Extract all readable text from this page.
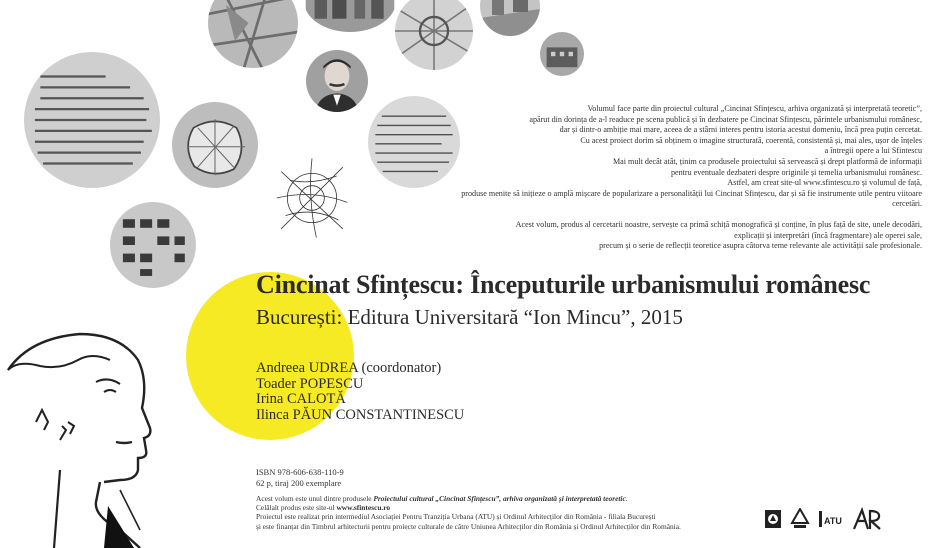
Volumul face parte din proiectul cultural „Cincinat Sfințescu, arhiva organizată și interpretată teoretic”,

apărut din dorința de a-l readuce pe scena publică și în dezbatere pe Cincinat Sfințescu, părintele urbanismului românesc,

dar și dintr-o ambiție mai mare, aceea de a stârni interes pentru istoria acestui domeniu, încă prea puțin cercetat.

Cu acest proiect dorim să obținem o imagine structurată, coerentă, consistentă și, mai ales, ușor de înțeles

a întregii opere a lui Sfintescu

Mai mult decât atât, ținim ca produsele proiectului să servească și drept platformă de informații

pentru eventuale dezbateri despre originile și temelia urbanismului românesc.

Astfel, am creat site-ul www.sfintescu.ro și volumul de față,

produse menite să inițieze o amplă mișcare de popularizare a personalității lui Cincinat Sfințescu, dar și să fie instrumente utile pentru viitoare cercetări.

Acest volum, produs al cercetarii noastre, servește ca primă schiță monografică și conține, în plus față de site, unele decodări,

explicații și interpretări (încă fragmentare) ale operei sale,

precum și o serie de reflecții teoretice asupra câtorva teme relevante ale activității sale profesionale.

Cincinat Sfințescu: Începuturile urbanismului românesc
București: Editura Universitară “Ion Mincu”, 2015
Andreea UDREA (coordonator)
Toader POPESCU
Irina CALOTĂ
Ilinca PĂUN CONSTANTINESCU
ISBN 978-606-638-110-9
62 p, tiraj 200 exemplare
Acest volum este unul dintre produsele Proiectului cultural „Cincinat Sfințescu”, arhiva organizată și interpretată teoretic.
Celălalt produs este site-ul www.sfintescu.ro
Proiectul este realizat prin intermediul Asociației Pentru Tranziția Urbana (ATU) și Ordinul Arhitecților din România - filiala București
și este finanțat din Timbrul arhitecturii pentru proiecte culturale de către Uniunea Arhitecților din România și Ordinul Arhitecților din România.
ATU
